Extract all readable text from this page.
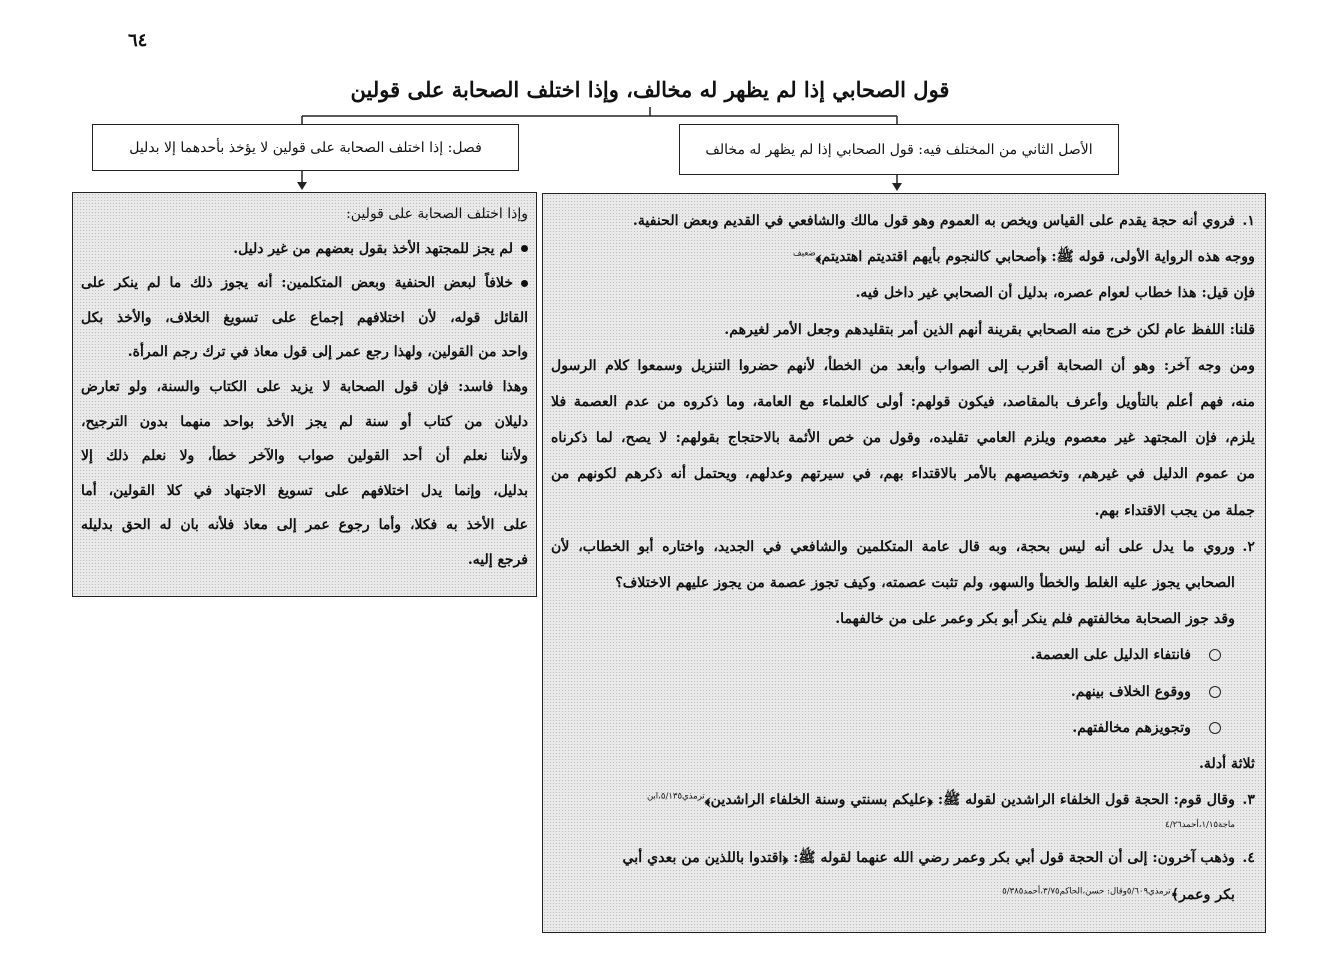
٦٤
قول الصحابي إذا لم يظهر له مخالف، وإذا اختلف الصحابة على قولين
الأصل الثاني من المختلف فيه: قول الصحابي إذا لم يظهر له مخالف
فصل: إذا اختلف الصحابة على قولين لا يؤخذ بأحدهما إلا بدليل

١.فروي أنه حجة يقدم على القياس ويخص به العموم وهو قول مالك والشافعي في القديم وبعض الحنفية.

ووجه هذه الرواية الأولى، قوله ﷺ: ﴿أصحابي كالنجوم بأيهم اقتديتم اهتديتم﴾$^{ضعيف}$

فإن قيل: هذا خطاب لعوام عصره، بدليل أن الصحابي غير داخل فيه.

قلنا: اللفظ عام لكن خرج منه الصحابي بقرينة أنهم الذين أمر بتقليدهم وجعل الأمر لغيرهم.

ومن وجه آخر: وهو أن الصحابة أقرب إلى الصواب وأبعد من الخطأ، لأنهم حضروا التنزيل وسمعوا كلام الرسول

منه، فهم أعلم بالتأويل وأعرف بالمقاصد، فيكون قولهم: أولى كالعلماء مع العامة، وما ذكروه من عدم العصمة فلا

يلزم، فإن المجتهد غير معصوم ويلزم العامي تقليده، وقول من خص الأئمة بالاحتجاج بقولهم: لا يصح، لما ذكرناه

من عموم الدليل في غيرهم، وتخصيصهم بالأمر بالاقتداء بهم، في سيرتهم وعدلهم، ويحتمل أنه ذكرهم لكونهم من

جملة من يجب الاقتداء بهم.

٢.وروي ما يدل على أنه ليس بحجة، وبه قال عامة المتكلمين والشافعي في الجديد، واختاره أبو الخطاب، لأن

الصحابي يجوز عليه الغلط والخطأ والسهو، ولم تثبت عصمته، وكيف تجوز عصمة من يجوز عليهم الاختلاف؟

وقد جوز الصحابة مخالفتهم فلم ينكر أبو بكر وعمر على من خالفهما.

فانتفاء الدليل على العصمة.

ووقوع الخلاف بينهم.

وتجويزهم مخالفتهم.

ثلاثة أدلة.

٣.وقال قوم: الحجة قول الخلفاء الراشدين لقوله ﷺ: ﴿عليكم بسنتي وسنة الخلفاء الراشدين﴾$^{ترمذي٥/١٣٥،ابن}$

ماجة١/١٥،أحمد٤/٢٦

٤.وذهب آخرون: إلى أن الحجة قول أبي بكر وعمر رضي الله عنهما لقوله ﷺ: ﴿اقتدوا باللذين من بعدي أبي

بكر وعمر﴾$^{ترمذي٥/٦٠٩وقال: حسن،الحاكم٣/٧٥،أحمد٥/٣٨٥}$

وإذا اختلف الصحابة على قولين:

لم يجز للمجتهد الأخذ بقول بعضهم من غير دليل.

خلافاً لبعض الحنفية وبعض المتكلمين: أنه يجوز ذلك ما لم ينكر على

القائل قوله، لأن اختلافهم إجماع على تسويغ الخلاف، والأخذ بكل

واحد من القولين، ولهذا رجع عمر إلى قول معاذ في ترك رجم المرأة.

وهذا فاسد: فإن قول الصحابة لا يزيد على الكتاب والسنة، ولو تعارض

دليلان من كتاب أو سنة لم يجز الأخذ بواحد منهما بدون الترجيح،

ولأننا نعلم أن أحد القولين صواب والآخر خطأ، ولا نعلم ذلك إلا

بدليل، وإنما يدل اختلافهم على تسويغ الاجتهاد في كلا القولين، أما

على الأخذ به فكلا، وأما رجوع عمر إلى معاذ فلأنه بان له الحق بدليله

فرجع إليه.
